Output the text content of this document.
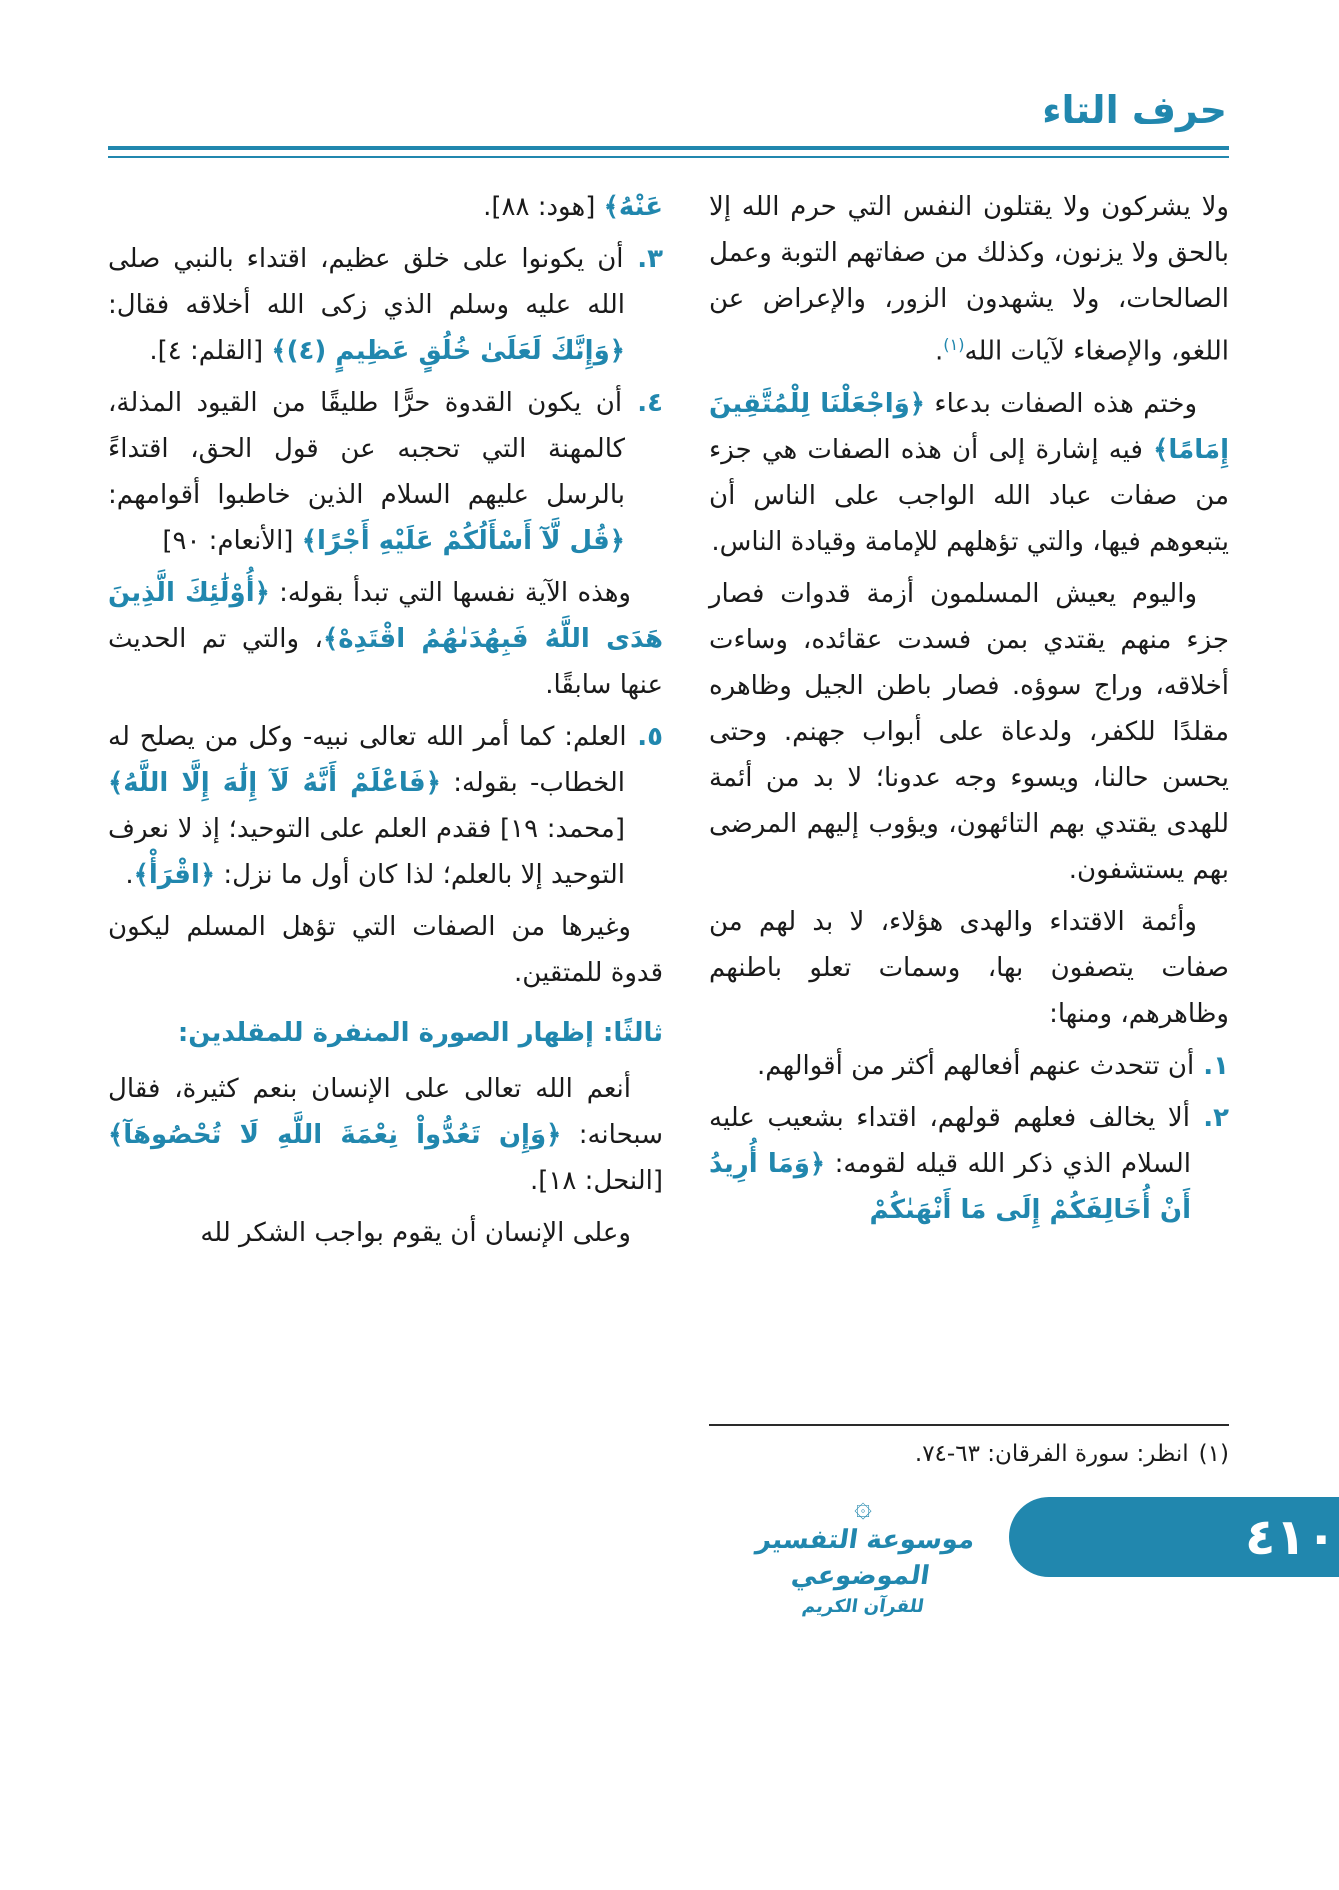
حرف التاء

ولا يشركون ولا يقتلون النفس التي حرم الله إلا بالحق ولا يزنون، وكذلك من صفاتهم التوبة وعمل الصالحات، ولا يشهدون الزور، والإعراض عن اللغو، والإصغاء لآيات الله$^{(١)}$.

وختم هذه الصفات بدعاء ﴿وَاجْعَلْنَا لِلْمُتَّقِينَ إِمَامًا﴾ فيه إشارة إلى أن هذه الصفات هي جزء من صفات عباد الله الواجب على الناس أن يتبعوهم فيها، والتي تؤهلهم للإمامة وقيادة الناس.

واليوم يعيش المسلمون أزمة قدوات فصار جزء منهم يقتدي بمن فسدت عقائده، وساءت أخلاقه، وراج سوؤه. فصار باطن الجيل وظاهره مقلدًا للكفر، ولدعاة على أبواب جهنم. وحتى يحسن حالنا، ويسوء وجه عدونا؛ لا بد من أئمة للهدى يقتدي بهم التائهون، ويؤوب إليهم المرضى بهم يستشفون.

وأئمة الاقتداء والهدى هؤلاء، لا بد لهم من صفات يتصفون بها، وسمات تعلو باطنهم وظاهرهم، ومنها:

١. أن تتحدث عنهم أفعالهم أكثر من أقوالهم.

٢. ألا يخالف فعلهم قولهم، اقتداء بشعيب عليه السلام الذي ذكر الله قيله لقومه: ﴿وَمَا أُرِيدُ أَنْ أُخَالِفَكُمْ إِلَى مَا أَنْهَىٰكُمْ

عَنْهُ﴾ [هود: ٨٨].

٣. أن يكونوا على خلق عظيم، اقتداء بالنبي صلى الله عليه وسلم الذي زكى الله أخلاقه فقال: ﴿وَإِنَّكَ لَعَلَىٰ خُلُقٍ عَظِيمٍ (٤)﴾ [القلم: ٤].

٤. أن يكون القدوة حرًّا طليقًا من القيود المذلة، كالمهنة التي تحجبه عن قول الحق، اقتداءً بالرسل عليهم السلام الذين خاطبوا أقوامهم: ﴿قُل لَّآ أَسْأَلُكُمْ عَلَيْهِ أَجْرًا﴾ [الأنعام: ٩٠]

وهذه الآية نفسها التي تبدأ بقوله: ﴿أُوْلَٰئِكَ الَّذِينَ هَدَى اللَّهُ فَبِهُدَىٰهُمُ اقْتَدِهْ﴾، والتي تم الحديث عنها سابقًا.

٥. العلم: كما أمر الله تعالى نبيه- وكل من يصلح له الخطاب- بقوله: ﴿فَاعْلَمْ أَنَّهُ لَآ إِلَٰهَ إِلَّا اللَّهُ﴾ [محمد: ١٩] فقدم العلم على التوحيد؛ إذ لا نعرف التوحيد إلا بالعلم؛ لذا كان أول ما نزل: ﴿اقْرَأْ﴾.

وغيرها من الصفات التي تؤهل المسلم ليكون قدوة للمتقين.

ثالثًا: إظهار الصورة المنفرة للمقلدين:

أنعم الله تعالى على الإنسان بنعم كثيرة، فقال سبحانه: ﴿وَإِن تَعُدُّواْ نِعْمَةَ اللَّهِ لَا تُحْصُوهَآ﴾ [النحل: ١٨].

وعلى الإنسان أن يقوم بواجب الشكر لله

(١)انظر: سورة الفرقان: ٦٣-٧٤.
۞
موسوعة التفسير الموضوعي
للقرآن الكريم
٤١٠
